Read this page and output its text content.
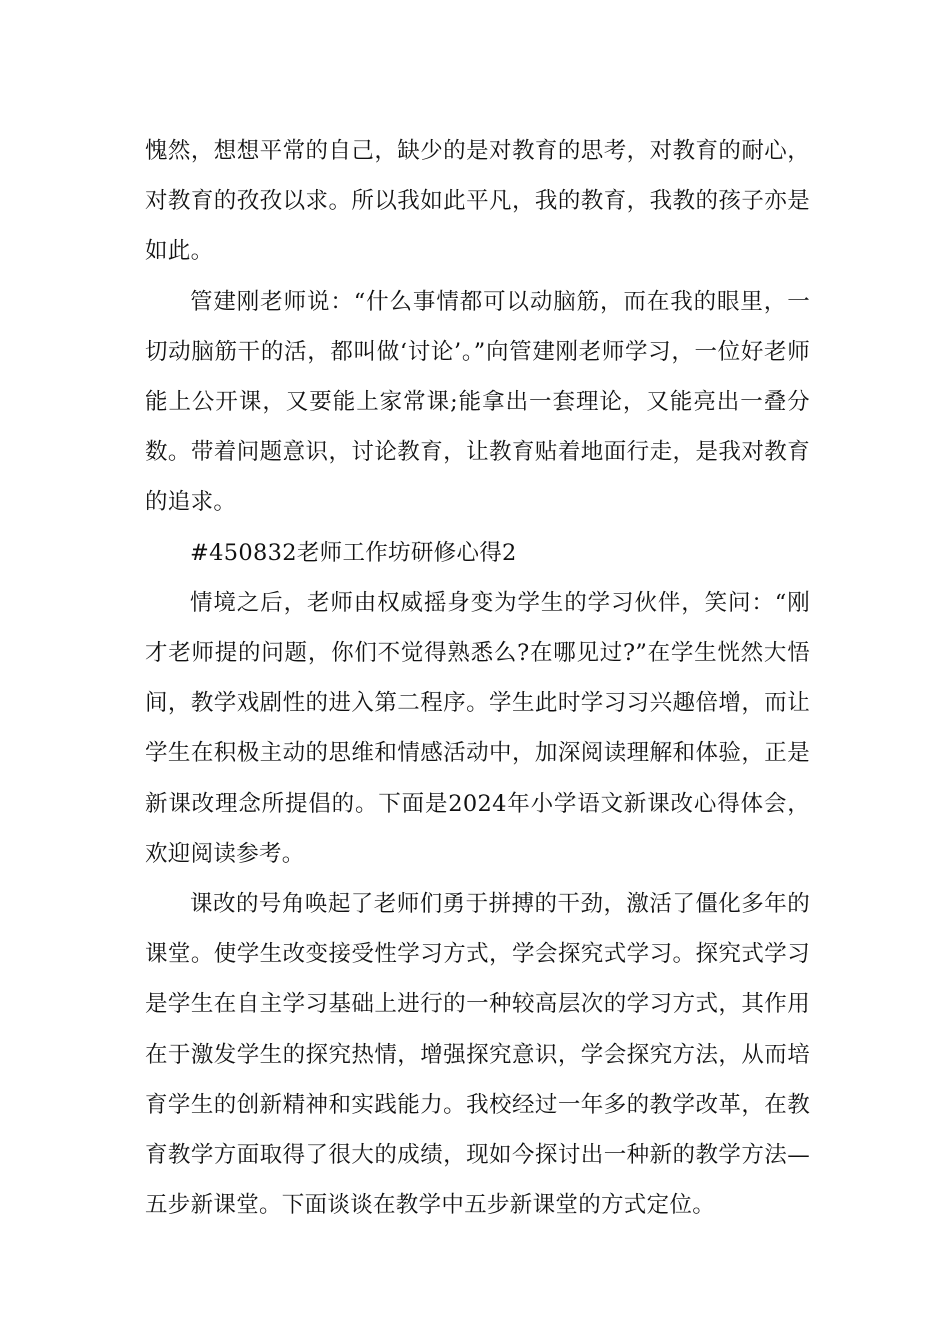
愧然，想想平常的自己，缺少的是对教育的思考，对教育的耐心，对教育的孜孜以求。所以我如此平凡，我的教育，我教的孩子亦是如此。

管建刚老师说：“什么事情都可以动脑筋，而在我的眼里，一切动脑筋干的活，都叫做‘讨论’。”向管建刚老师学习，一位好老师能上公开课，又要能上家常课;能拿出一套理论，又能亮出一叠分数。带着问题意识，讨论教育，让教育贴着地面行走，是我对教育的追求。

#450832老师工作坊研修心得2

情境之后，老师由权威摇身变为学生的学习伙伴，笑问：“刚才老师提的问题，你们不觉得熟悉么?在哪见过?”在学生恍然大悟间，教学戏剧性的进入第二程序。学生此时学习习兴趣倍增，而让学生在积极主动的思维和情感活动中，加深阅读理解和体验，正是新课改理念所提倡的。下面是2024年小学语文新课改心得体会，欢迎阅读参考。

课改的号角唤起了老师们勇于拼搏的干劲，激活了僵化多年的课堂。使学生改变接受性学习方式，学会探究式学习。探究式学习是学生在自主学习基础上进行的一种较高层次的学习方式，其作用在于激发学生的探究热情，增强探究意识，学会探究方法，从而培育学生的创新精神和实践能力。我校经过一年多的教学改革，在教育教学方面取得了很大的成绩，现如今探讨出一种新的教学方法—五步新课堂。下面谈谈在教学中五步新课堂的方式定位。
